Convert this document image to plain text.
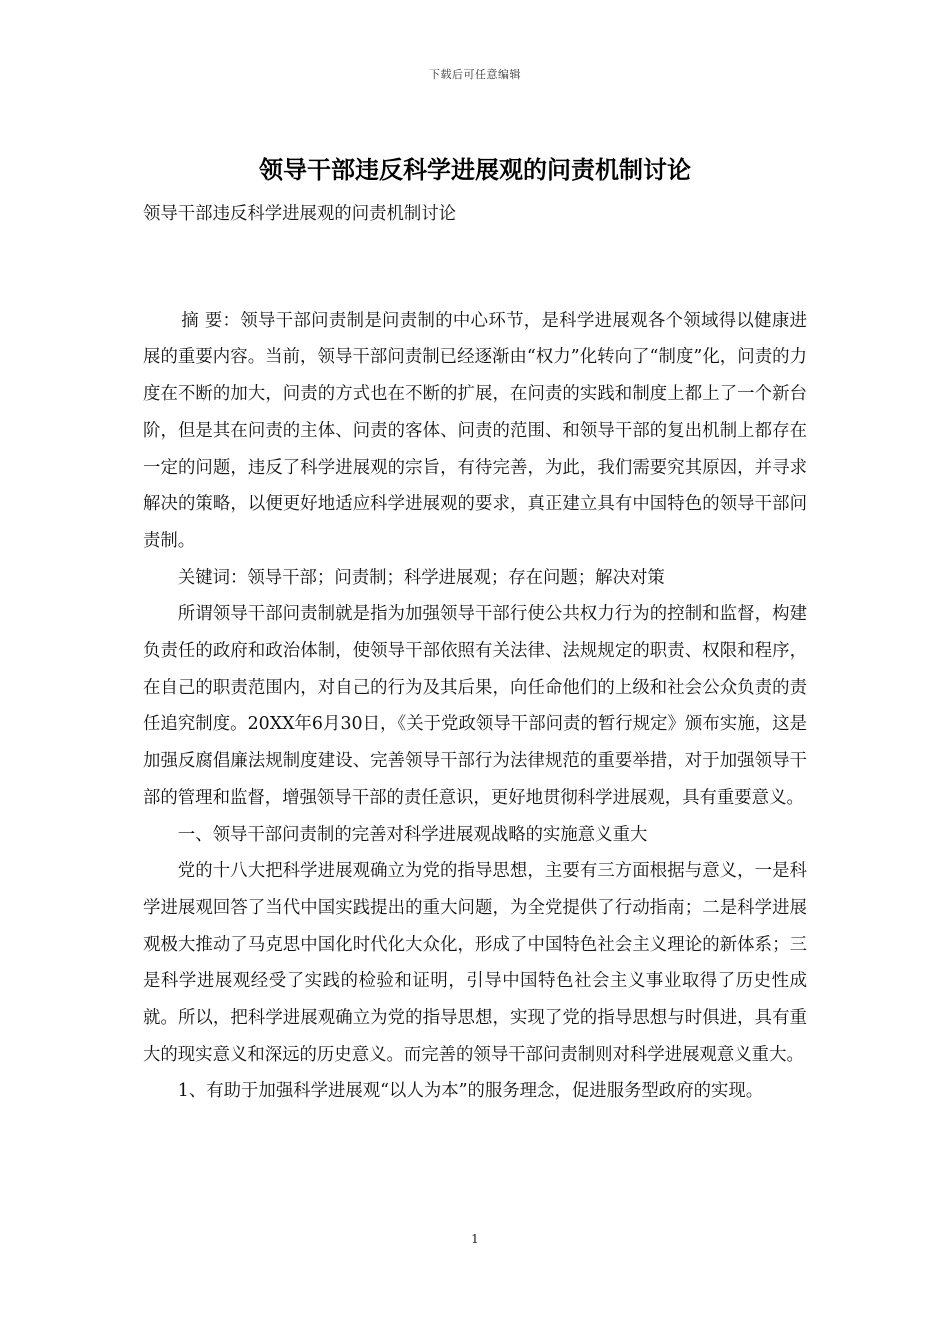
下载后可任意编辑
领导干部违反科学进展观的问责机制讨论

领导干部违反科学进展观的问责机制讨论

摘 要：领导干部问责制是问责制的中心环节，是科学进展观各个领域得以健康进展的重要内容。当前，领导干部问责制已经逐渐由“权力”化转向了“制度”化，问责的力度在不断的加大，问责的方式也在不断的扩展，在问责的实践和制度上都上了一个新台阶，但是其在问责的主体、问责的客体、问责的范围、和领导干部的复出机制上都存在一定的问题，违反了科学进展观的宗旨，有待完善，为此，我们需要究其原因，并寻求解决的策略，以便更好地适应科学进展观的要求，真正建立具有中国特色的领导干部问责制。

关键词：领导干部；问责制；科学进展观；存在问题；解决对策

所谓领导干部问责制就是指为加强领导干部行使公共权力行为的控制和监督，构建负责任的政府和政治体制，使领导干部依照有关法律、法规规定的职责、权限和程序，在自己的职责范围内，对自己的行为及其后果，向任命他们的上级和社会公众负责的责任追究制度。20XX年6月30日，《关于党政领导干部问责的暂行规定》颁布实施，这是加强反腐倡廉法规制度建设、完善领导干部行为法律规范的重要举措，对于加强领导干部的管理和监督，增强领导干部的责任意识，更好地贯彻科学进展观，具有重要意义。

一、领导干部问责制的完善对科学进展观战略的实施意义重大

党的十八大把科学进展观确立为党的指导思想，主要有三方面根据与意义，一是科学进展观回答了当代中国实践提出的重大问题，为全党提供了行动指南；二是科学进展观极大推动了马克思中国化时代化大众化，形成了中国特色社会主义理论的新体系；三是科学进展观经受了实践的检验和证明，引导中国特色社会主义事业取得了历史性成就。所以，把科学进展观确立为党的指导思想，实现了党的指导思想与时俱进，具有重大的现实意义和深远的历史意义。而完善的领导干部问责制则对科学进展观意义重大。

1、有助于加强科学进展观“以人为本”的服务理念，促进服务型政府的实现。

1
